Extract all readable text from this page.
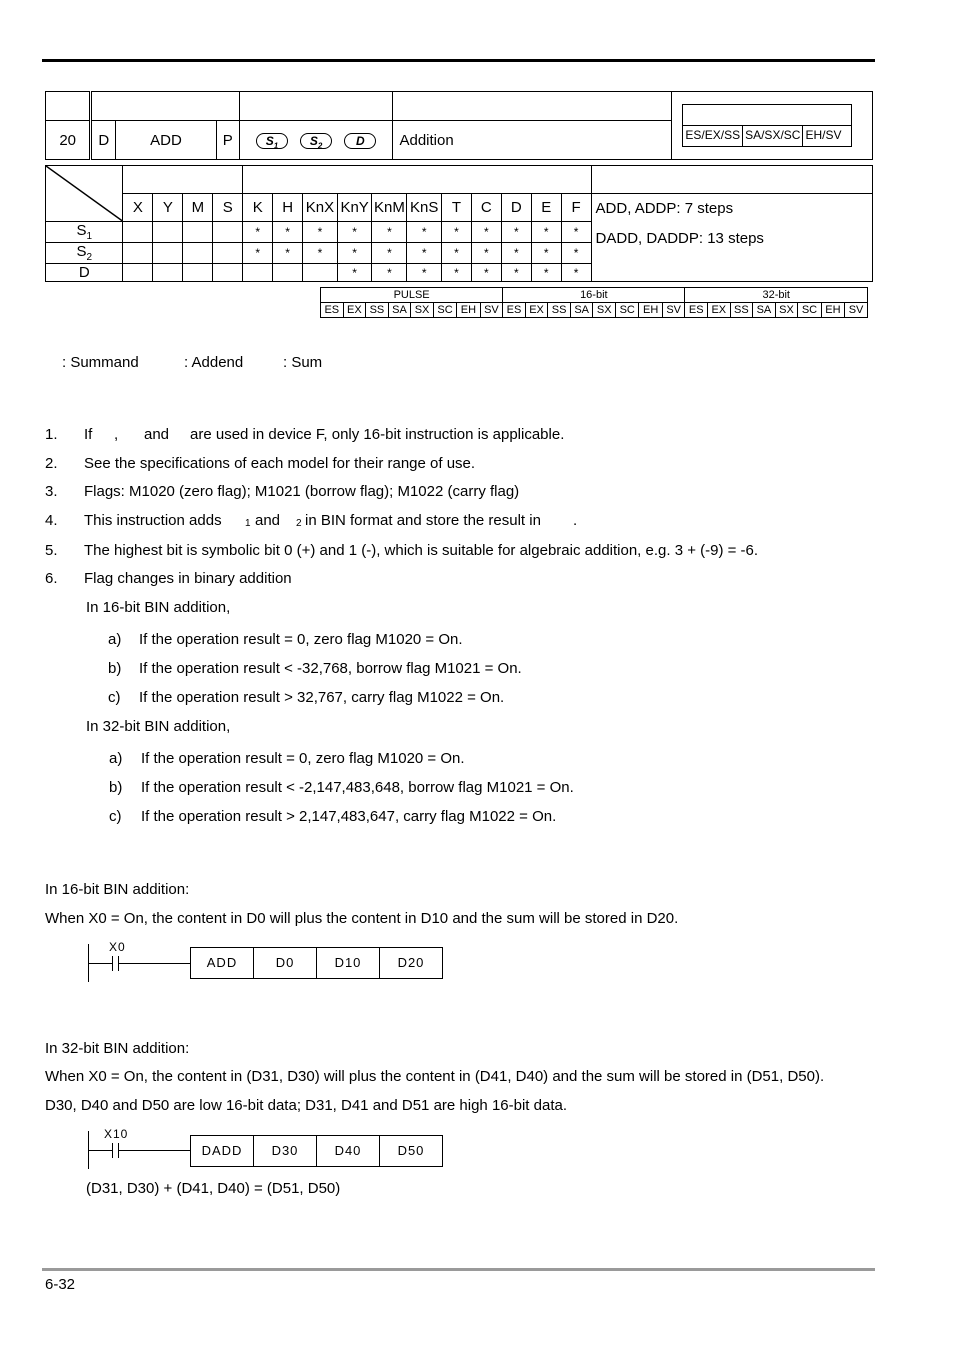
						ES/EX/SS SA/SX/SC EH/SV

20	D	ADD	P	$S_1$ $S_2$ D	Addition	

	X	Y	M	S	K	H	KnX	KnY	KnM	KnS	T	C	D	E	F	ADD, ADDP: 7 steps
DADD, DADDP: 13 steps

$S_1$					*	*	*	*	*	*	*	*	*	*	*	
$S_2$					*	*	*	*	*	*	*	*	*	*	*	
D								*	*	*	*	*	*	*	*	
PULSE								16-bit								32-bit							
ES	EX	SS	SA	SX	SC	EH	SV	ES	EX	SS	SA	SX	SC	EH	SV	ES	EX	SS	SA	SX	SC	EH	SV
: Summand	: Addend	: Sum
1. If , and are used in device F, only 16-bit instruction is applicable.
2. See the specifications of each model for their range of use.
3. Flags: M1020 (zero flag); M1021 (borrow flag); M1022 (carry flag)
4. This instruction adds 1 and 2 in BIN format and store the result in .
5. The highest bit is symbolic bit 0 (+) and 1 (-), which is suitable for algebraic addition, e.g. 3 + (-9) = -6.
6. Flag changes in binary addition
In 16-bit BIN addition,
a) If the operation result = 0, zero flag M1020 = On.
b) If the operation result < -32,768, borrow flag M1021 = On.
c) If the operation result > 32,767, carry flag M1022 = On.
In 32-bit BIN addition,
a) If the operation result = 0, zero flag M1020 = On.
b) If the operation result < -2,147,483,648, borrow flag M1021 = On.
c) If the operation result > 2,147,483,647, carry flag M1022 = On.
In 16-bit BIN addition:
When X0 = On, the content in D0 will plus the content in D10 and the sum will be stored in D20.
X0
ADD	D0	D10	D20
In 32-bit BIN addition:
When X0 = On, the content in (D31, D30) will plus the content in (D41, D40) and the sum will be stored in (D51, D50).
D30, D40 and D50 are low 16-bit data; D31, D41 and D51 are high 16-bit data.
X10
DADD	D30	D40	D50
(D31, D30) + (D41, D40) = (D51, D50)
6-32
